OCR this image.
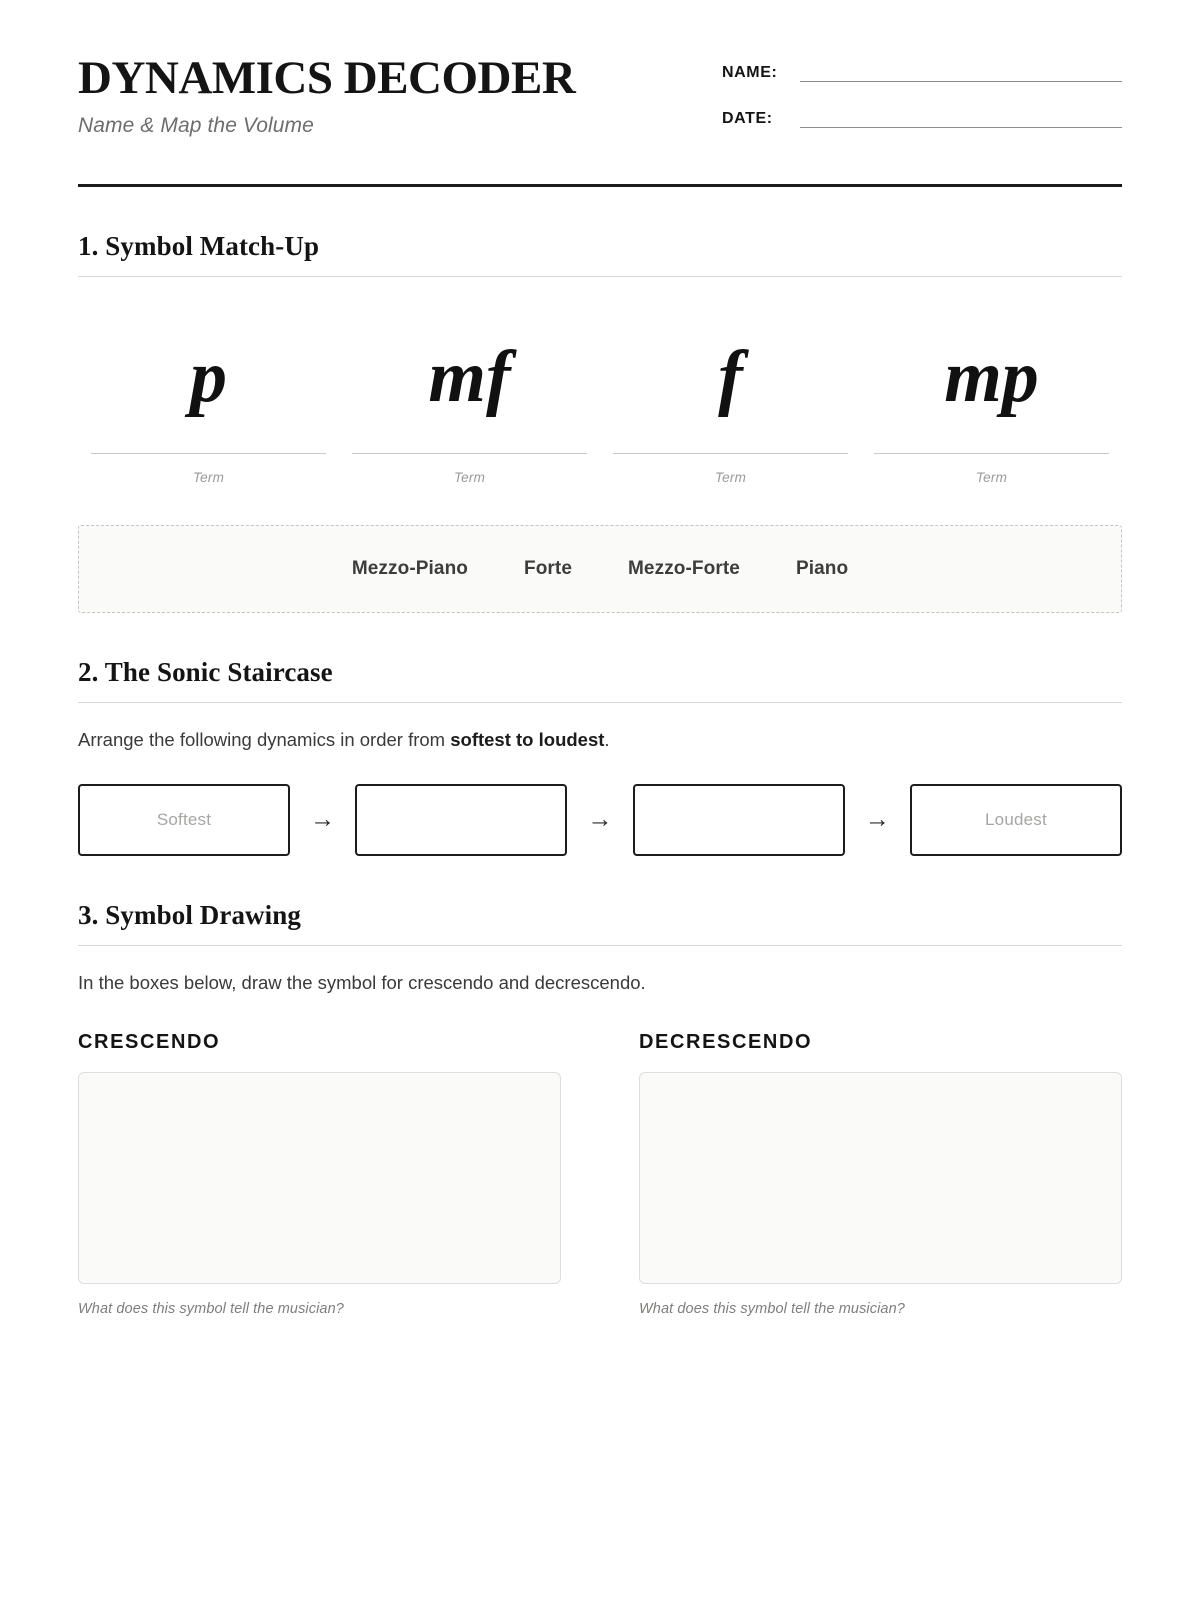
DYNAMICS DECODER
Name & Map the Volume
NAME:
DATE:
1. Symbol Match-Up
p
Term
mf
Term
f
Term
mp
Term
Mezzo-Piano	Forte	Mezzo-Forte	Piano
2. The Sonic Staircase

Arrange the following dynamics in order from softest to loudest.

Softest	→	→	→	Loudest
3. Symbol Drawing

In the boxes below, draw the symbol for crescendo and decrescendo.

CRESCENDO
What does this symbol tell the musician?
DECRESCENDO
What does this symbol tell the musician?
